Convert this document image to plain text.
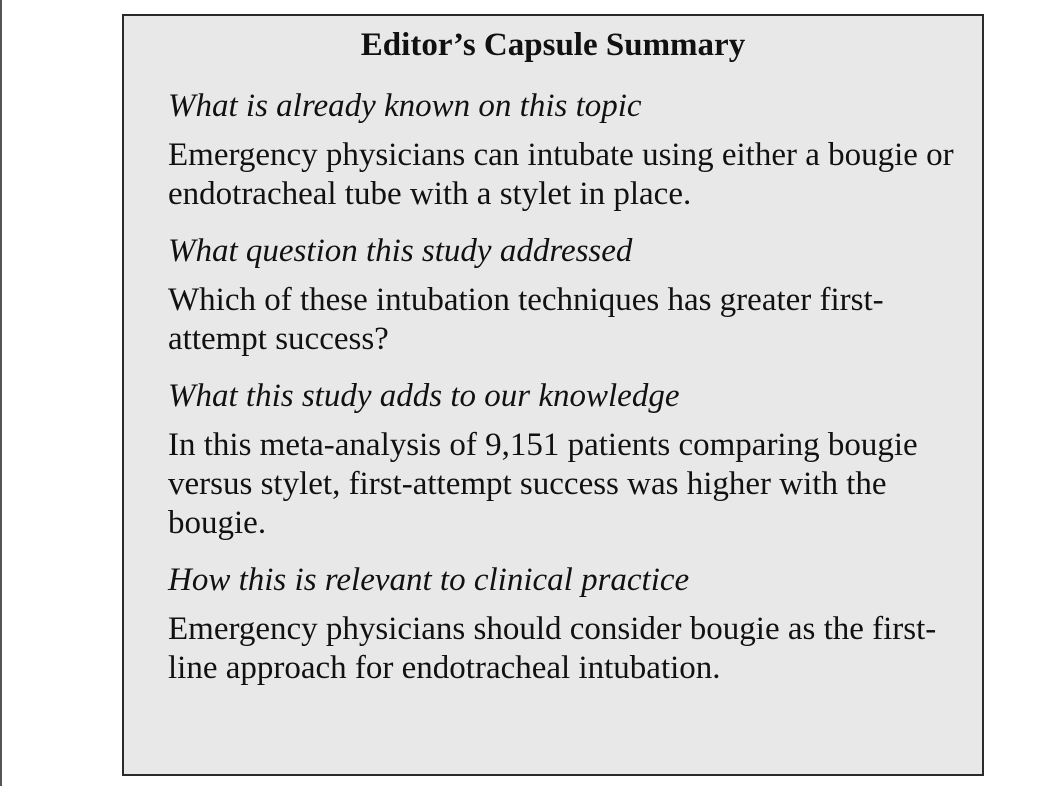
Editor’s Capsule Summary

What is already known on this topic

Emergency physicians can intubate using either a bougie or endotracheal tube with a stylet in place.

What question this study addressed

Which of these intubation techniques has greater first-attempt success?

What this study adds to our knowledge

In this meta-analysis of 9,151 patients comparing bougie versus stylet, first-attempt success was higher with the bougie.

How this is relevant to clinical practice

Emergency physicians should consider bougie as the first-line approach for endotracheal intubation.
